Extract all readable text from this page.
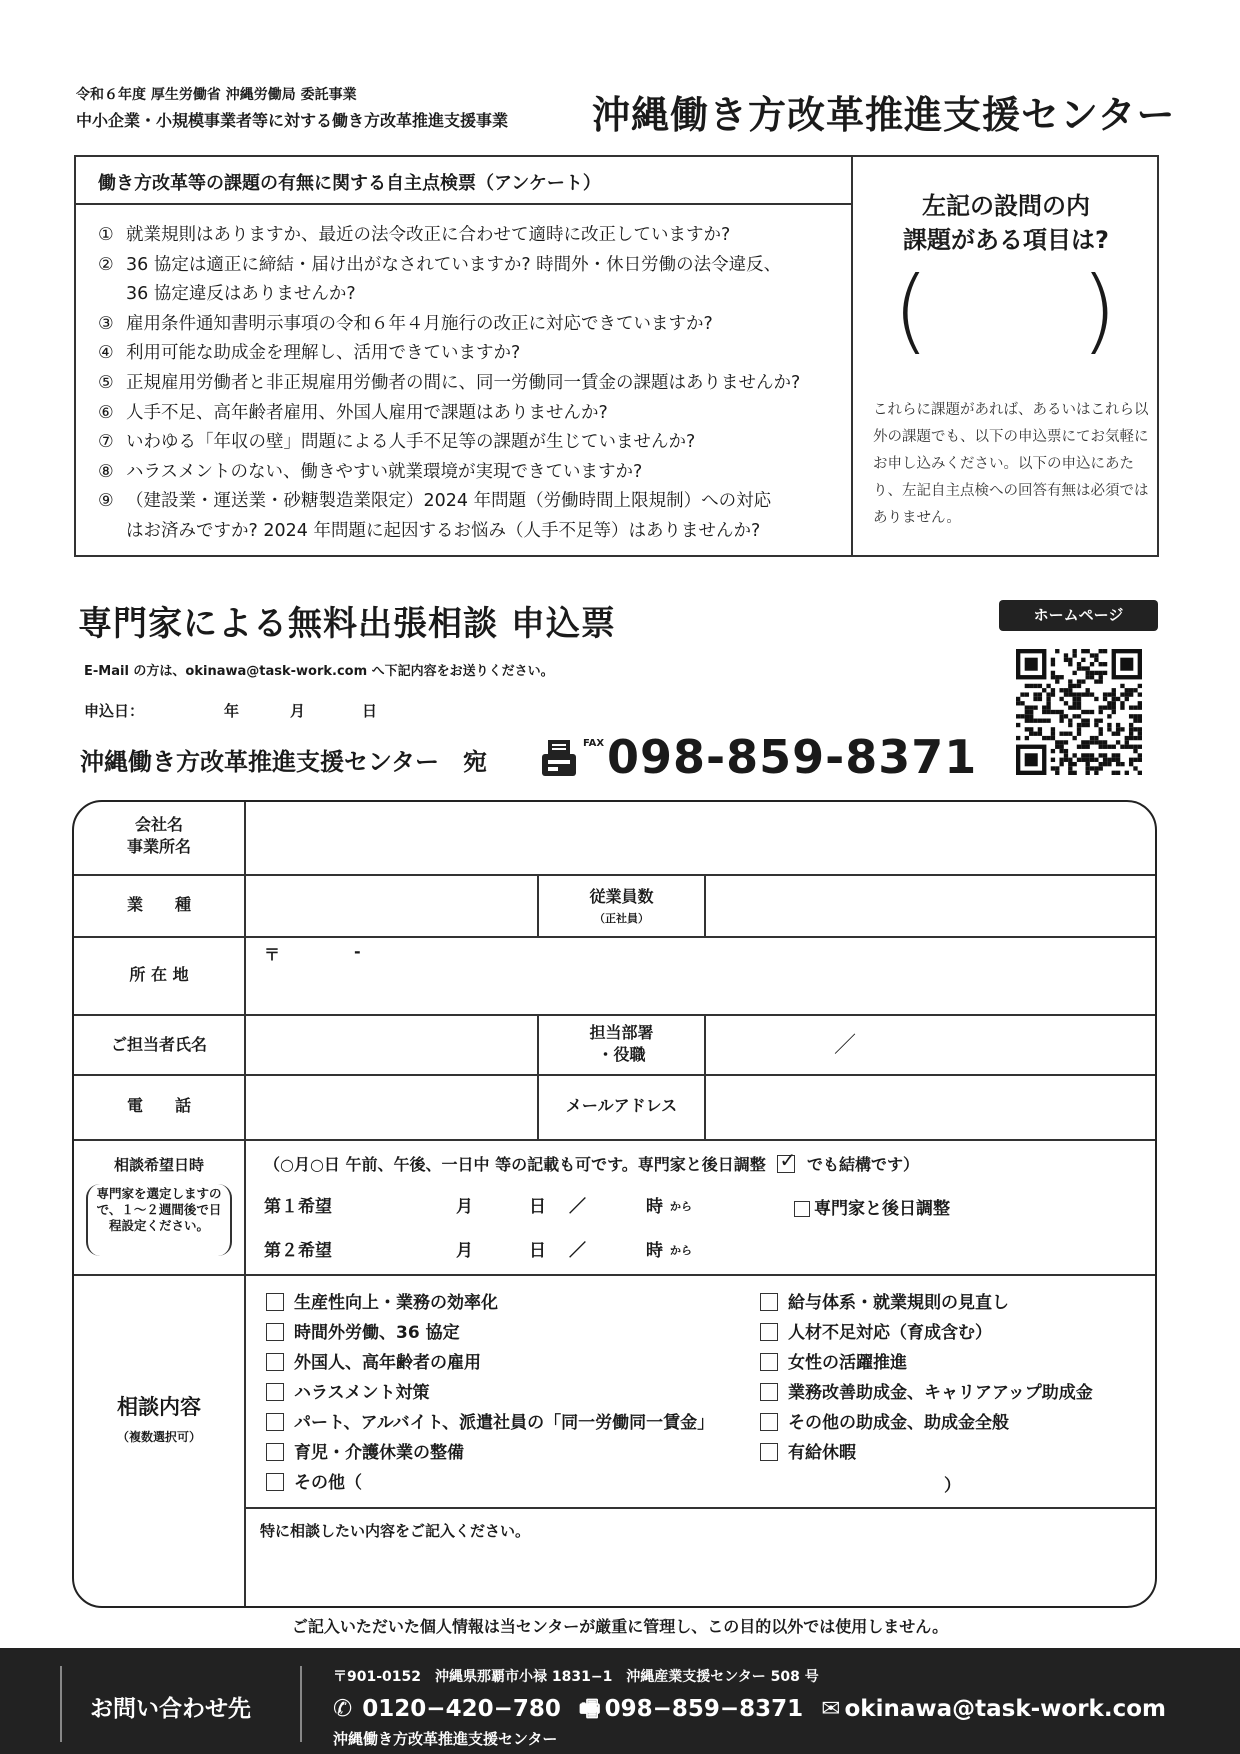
令和６年度 厚生労働省 沖縄労働局 委託事業
中小企業・小規模事業者等に対する働き方改革推進支援事業 沖縄働き方改革推進支援センター
働き方改革等の課題の有無に関する自主点検票（アンケート）
① 就業規則はありますか、最近の法令改正に合わせて適時に改正していますか?
② 36 協定は適正に締結・届け出がなされていますか? 時間外・休日労働の法令違反、
36 協定違反はありませんか?
③ 雇用条件通知書明示事項の令和６年４月施行の改正に対応できていますか?
④ 利用可能な助成金を理解し、活用できていますか?
⑤ 正規雇用労働者と非正規雇用労働者の間に、同一労働同一賃金の課題はありませんか?
⑥ 人手不足、高年齢者雇用、外国人雇用で課題はありませんか?
⑦ いわゆる「年収の壁」問題による人手不足等の課題が生じていませんか?
⑧ ハラスメントのない、働きやすい就業環境が実現できていますか?
⑨ （建設業・運送業・砂糖製造業限定）2024 年問題（労働時間上限規制）への対応
はお済みですか? 2024 年問題に起因するお悩み（人手不足等）はありませんか?
左記の設問の内
課題がある項目は?
( )
これらに課題があれば、あるいはこれら以外の課題でも、以下の申込票にてお気軽にお申し込みください。以下の申込にあたり、左記自主点検への回答有無は必須ではありません。
専門家による無料出張相談 申込票	ホームページ
E-Mail の方は、okinawa@task-work.com へ下記内容をお送りください。
申込日：	年	月	日
沖縄働き方改革推進支援センター　宛
FAX 098-859-8371
会社名
事業所名
業　　種	従業員数
（正社員）
所 在 地
〒	-
ご担当者氏名
担当部署
・役職	／
電　　話	メールアドレス
相談希望日時
専門家を選定しますので、１～２週間後で日程設定ください。
（○月○日 午前、午後、一日中 等の記載も可です。専門家と後日調整 ✓ でも結構です）
第１希望	月	日 ／	時 から	専門家と後日調整
第２希望	月	日 ／	時 から
相談内容
（複数選択可）
生産性向上・業務の効率化
時間外労働、36 協定
外国人、高年齢者の雇用
ハラスメント対策
パート、アルバイト、派遣社員の「同一労働同一賃金」
育児・介護休業の整備
その他（
給与体系・就業規則の見直し
人材不足対応（育成含む）
女性の活躍推進
業務改善助成金、キャリアアップ助成金
その他の助成金、助成金全般
有給休暇
）
特に相談したい内容をご記入ください。
ご記入いただいた個人情報は当センターが厳重に管理し、この目的以外では使用しません。
お問い合わせ先
〒901-0152　沖縄県那覇市小禄 1831−1　沖縄産業支援センター 508 号
✆ 0120−420−780 🖷 098−859−8371 ✉ okinawa@task-work.com
沖縄働き方改革推進支援センター
